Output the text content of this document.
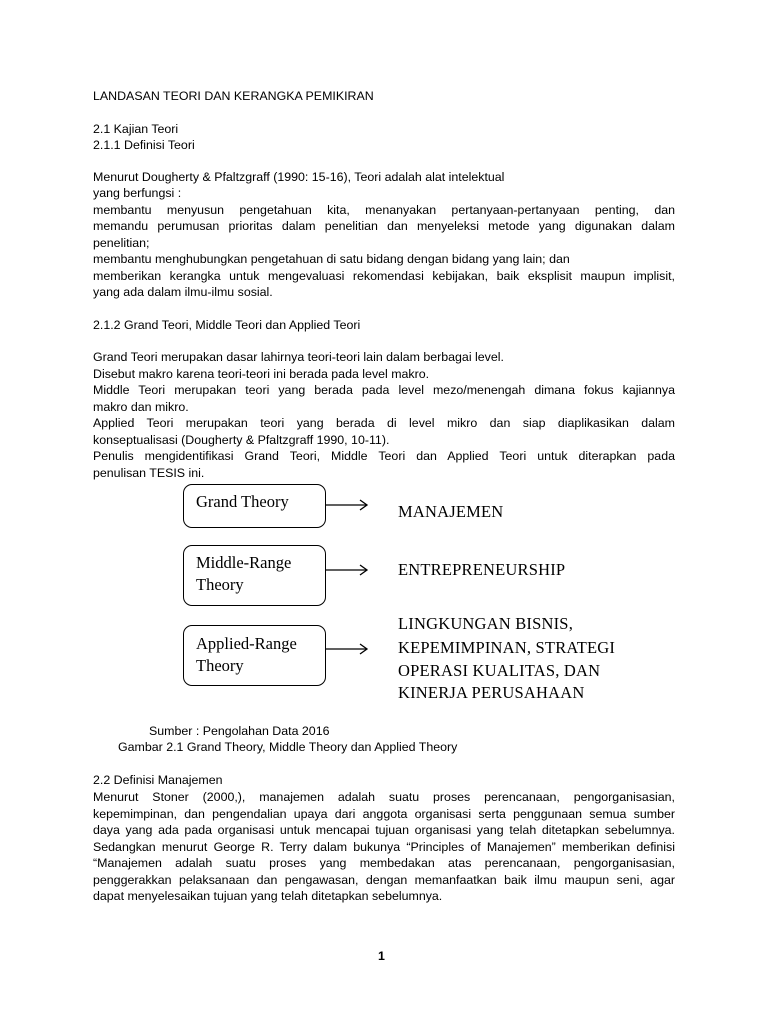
LANDASAN TEORI DAN KERANGKA PEMIKIRAN
2.1 Kajian Teori
2.1.1 Definisi Teori
Menurut Dougherty & Pfaltzgraff (1990: 15-16), Teori adalah alat intelektual

yang berfungsi :

membantu menyusun pengetahuan kita, menanyakan pertanyaan-pertanyaan penting, dan

memandu perumusan prioritas dalam penelitian dan menyeleksi metode yang digunakan dalam

penelitian;

membantu menghubungkan pengetahuan di satu bidang dengan bidang yang lain; dan

memberikan kerangka untuk mengevaluasi rekomendasi kebijakan, baik eksplisit maupun implisit,

yang ada dalam ilmu-ilmu sosial.

2.1.2 Grand Teori, Middle Teori dan Applied Teori

Grand Teori merupakan dasar lahirnya teori-teori lain dalam berbagai level.

Disebut makro karena teori-teori ini berada pada level makro.

Middle Teori merupakan teori yang berada pada level mezo/menengah dimana fokus kajiannya

makro dan mikro.

Applied Teori merupakan teori yang berada di level mikro dan siap diaplikasikan dalam

konseptualisasi (Dougherty & Pfaltzgraff 1990, 10-11).

Penulis mengidentifikasi Grand Teori, Middle Teori dan Applied Teori untuk diterapkan pada

penulisan TESIS ini.

Grand Theory
Middle-Range
Theory
Applied-Range
Theory
MANAJEMEN
ENTREPRENEURSHIP
LINGKUNGAN BISNIS,
KEPEMIMPINAN, STRATEGI
OPERASI KUALITAS, DAN
KINERJA PERUSAHAAN
Sumber : Pengolahan Data 2016
Gambar 2.1 Grand Theory, Middle Theory dan Applied Theory
2.2 Definisi Manajemen

Menurut Stoner (2000,), manajemen adalah suatu proses perencanaan, pengorganisasian,

kepemimpinan, dan pengendalian upaya dari anggota organisasi serta penggunaan semua sumber

daya yang ada pada organisasi untuk mencapai tujuan organisasi yang telah ditetapkan sebelumnya.

Sedangkan menurut George R. Terry dalam bukunya “Principles of Manajemen” memberikan definisi

“Manajemen adalah suatu proses yang membedakan atas perencanaan, pengorganisasian,

penggerakkan pelaksanaan dan pengawasan, dengan memanfaatkan baik ilmu maupun seni, agar

dapat menyelesaikan tujuan yang telah ditetapkan sebelumnya.

1
